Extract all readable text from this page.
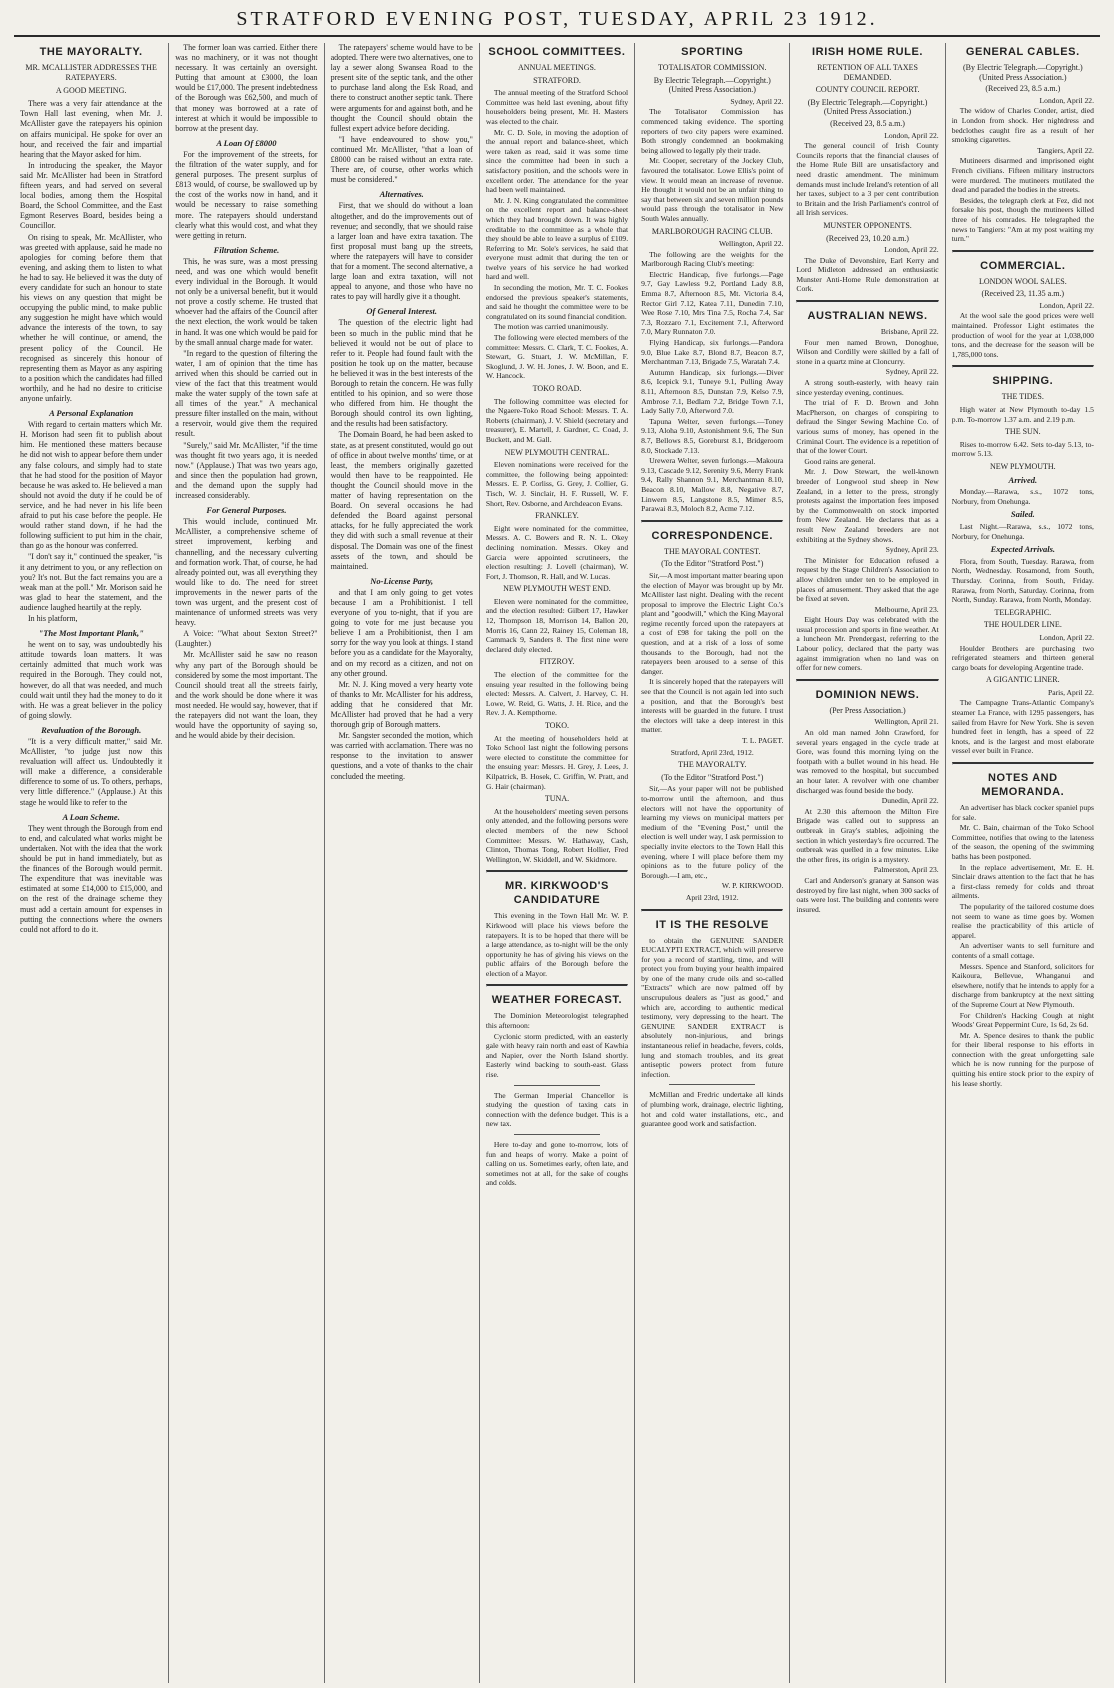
STRATFORD EVENING POST, TUESDAY, APRIL 23 1912.
THE MAYORALTY.
MR. MCALLISTER ADDRESSES THE RATEPAYERS.
A GOOD MEETING.

There was a very fair attendance at the Town Hall last evening, when Mr. J. McAllister gave the ratepayers his opinion on affairs municipal. He spoke for over an hour, and received the fair and impartial hearing that the Mayor asked for him.

In introducing the speaker, the Mayor said Mr. McAllister had been in Stratford fifteen years, and had served on several local bodies, among them the Hospital Board, the School Committee, and the East Egmont Reserves Board, besides being a Councillor.

On rising to speak, Mr. McAllister, who was greeted with applause, said he made no apologies for coming before them that evening, and asking them to listen to what he had to say. He believed it was the duty of every candidate for such an honour to state his views on any question that might be occupying the public mind, to make public any suggestion he might have which would advance the interests of the town, to say whether he will continue, or amend, the present policy of the Council. He recognised as sincerely this honour of representing them as Mayor as any aspiring to a position which the candidates had filled worthily, and he had no desire to criticise anyone unfairly.

A Personal Explanation

With regard to certain matters which Mr. H. Morison had seen fit to publish about him. He mentioned these matters because he did not wish to appear before them under any false colours, and simply had to state that he had stood for the position of Mayor because he was asked to. He believed a man should not avoid the duty if he could be of service, and he had never in his life been afraid to put his case before the people. He would rather stand down, if he had the following sufficient to put him in the chair, than go as the honour was conferred.

"I don't say it," continued the speaker, "is it any detriment to you, or any reflection on you? It's not. But the fact remains you are a weak man at the poll." Mr. Morison said he was glad to hear the statement, and the audience laughed heartily at the reply.

In his platform,

"The Most Important Plank,"

he went on to say, was undoubtedly his attitude towards loan matters. It was certainly admitted that much work was required in the Borough. They could not, however, do all that was needed, and much could wait until they had the money to do it with. He was a great believer in the policy of going slowly.

Revaluation of the Borough.

"It is a very difficult matter," said Mr. McAllister, "to judge just now this revaluation will affect us. Undoubtedly it will make a difference, a considerable difference to some of us. To others, perhaps, very little difference." (Applause.) At this stage he would like to refer to the

A Loan Scheme.

They went through the Borough from end to end, and calculated what works might be undertaken. Not with the idea that the work should be put in hand immediately, but as the finances of the Borough would permit. The expenditure that was inevitable was estimated at some £14,000 to £15,000, and on the rest of the drainage scheme they must add a certain amount for expenses in putting the connections where the owners could not afford to do it.

The former loan was carried. Either there was no machinery, or it was not thought necessary. It was certainly an oversight. Putting that amount at £3000, the loan would be £17,000. The present indebtedness of the Borough was £62,500, and much of that money was borrowed at a rate of interest at which it would be impossible to borrow at the present day.

A Loan Of £8000

For the improvement of the streets, for the filtration of the water supply, and for general purposes. The present surplus of £813 would, of course, be swallowed up by the cost of the works now in hand, and it would be necessary to raise something more. The ratepayers should understand clearly what this would cost, and what they were getting in return.

Filtration Scheme.

This, he was sure, was a most pressing need, and was one which would benefit every individual in the Borough. It would not only be a universal benefit, but it would not prove a costly scheme. He trusted that whoever had the affairs of the Council after the next election, the work would be taken in hand. It was one which would be paid for by the small annual charge made for water.

"In regard to the question of filtering the water, I am of opinion that the time has arrived when this should be carried out in view of the fact that this treatment would make the water supply of the town safe at all times of the year." A mechanical pressure filter installed on the main, without a reservoir, would give them the required result.

"Surely," said Mr. McAllister, "if the time was thought fit two years ago, it is needed now." (Applause.) That was two years ago, and since then the population had grown, and the demand upon the supply had increased considerably.

For General Purposes.

This would include, continued Mr. McAllister, a comprehensive scheme of street improvement, kerbing and channelling, and the necessary culverting and formation work. That, of course, he had already pointed out, was all everything they would like to do. The need for street improvements in the newer parts of the town was urgent, and the present cost of maintenance of unformed streets was very heavy.

A Voice: "What about Sexton Street?" (Laughter.)

Mr. McAllister said he saw no reason why any part of the Borough should be considered by some the most important. The Council should treat all the streets fairly, and the work should be done where it was most needed. He would say, however, that if the ratepayers did not want the loan, they would have the opportunity of saying so, and he would abide by their decision.

The ratepayers' scheme would have to be adopted. There were two alternatives, one to lay a sewer along Swansea Road to the present site of the septic tank, and the other to purchase land along the Esk Road, and there to construct another septic tank. There were arguments for and against both, and he thought the Council should obtain the fullest expert advice before deciding.

"I have endeavoured to show you," continued Mr. McAllister, "that a loan of £8000 can be raised without an extra rate. There are, of course, other works which must be considered."

Alternatives.

First, that we should do without a loan altogether, and do the improvements out of revenue; and secondly, that we should raise a larger loan and have extra taxation. The first proposal must bang up the streets, where the ratepayers will have to consider that for a moment. The second alternative, a large loan and extra taxation, will not appeal to anyone, and those who have no rates to pay will hardly give it a thought.

Of General Interest.

The question of the electric light had been so much in the public mind that he believed it would not be out of place to refer to it. People had found fault with the position he took up on the matter, because he believed it was in the best interests of the Borough to retain the concern. He was fully entitled to his opinion, and so were those who differed from him. He thought the Borough should control its own lighting, and the results had been satisfactory.

The Domain Board, he had been asked to state, as at present constituted, would go out of office in about twelve months' time, or at least, the members originally gazetted would then have to be reappointed. He thought the Council should move in the matter of having representation on the Board. On several occasions he had defended the Board against personal attacks, for he fully appreciated the work they did with such a small revenue at their disposal. The Domain was one of the finest assets of the town, and should be maintained.

No-License Party,

and that I am only going to get votes because I am a Prohibitionist. I tell everyone of you to-night, that if you are going to vote for me just because you believe I am a Prohibitionist, then I am sorry for the way you look at things. I stand before you as a candidate for the Mayoralty, and on my record as a citizen, and not on any other ground.

Mr. N. J. King moved a very hearty vote of thanks to Mr. McAllister for his address, adding that he considered that Mr. McAllister had proved that he had a very thorough grip of Borough matters.

Mr. Sangster seconded the motion, which was carried with acclamation. There was no response to the invitation to answer questions, and a vote of thanks to the chair concluded the meeting.

SCHOOL COMMITTEES.
ANNUAL MEETINGS.
STRATFORD.

The annual meeting of the Stratford School Committee was held last evening, about fifty householders being present, Mr. H. Masters was elected to the chair.

Mr. C. D. Sole, in moving the adoption of the annual report and balance-sheet, which were taken as read, said it was some time since the committee had been in such a satisfactory position, and the schools were in excellent order. The attendance for the year had been well maintained.

Mr. J. N. King congratulated the committee on the excellent report and balance-sheet which they had brought down. It was highly creditable to the committee as a whole that they should be able to leave a surplus of £109. Referring to Mr. Sole's services, he said that everyone must admit that during the ten or twelve years of his service he had worked hard and well.

In seconding the motion, Mr. T. C. Fookes endorsed the previous speaker's statements, and said he thought the committee were to be congratulated on its sound financial condition.

The motion was carried unanimously.

The following were elected members of the committee: Messrs. C. Clark, T. C. Fookes, A. Stewart, G. Stuart, J. W. McMillan, F. Skoglund, J. W. H. Jones, J. W. Boon, and E. W. Hancock.

TOKO ROAD.

The following committee was elected for the Ngaere-Toko Road School: Messrs. T. A. Roberts (chairman), J. V. Shield (secretary and treasurer), E. Martell, J. Gardner, C. Coad, J. Buckett, and M. Gall.

NEW PLYMOUTH CENTRAL.

Eleven nominations were received for the committee, the following being appointed: Messrs. E. P. Corliss, G. Grey, J. Collier, G. Tisch, W. J. Sinclair, H. F. Russell, W. F. Short, Rev. Osborne, and Archdeacon Evans.

FRANKLEY.

Eight were nominated for the committee, Messrs. A. C. Bowers and R. N. L. Okey declining nomination. Messrs. Okey and Garcia were appointed scrutineers, the election resulting: J. Lovell (chairman), W. Fort, J. Thomson, R. Hall, and W. Lucas.

NEW PLYMOUTH WEST END.

Eleven were nominated for the committee, and the election resulted: Gilbert 17, Hawker 12, Thompson 18, Morrison 14, Ballon 20, Morris 16, Cann 22, Rainey 15, Coleman 18, Cammack 9, Sanders 8. The first nine were declared duly elected.

FITZROY.

The election of the committee for the ensuing year resulted in the following being elected: Messrs. A. Calvert, J. Harvey, C. H. Lowe, W. Reid, G. Watts, J. H. Rice, and the Rev. J. A. Kempthorne.

TOKO.

At the meeting of householders held at Toko School last night the following persons were elected to constitute the committee for the ensuing year: Messrs. H. Grey, J. Lees, J. Kilpatrick, B. Hosek, C. Griffin, W. Pratt, and G. Hair (chairman).

TUNA.

At the householders' meeting seven persons only attended, and the following persons were elected members of the new School Committee: Messrs. W. Hathaway, Cash, Clinton, Thomas Tong, Robert Hollier, Fred Wellington, W. Skiddell, and W. Skidmore.

MR. KIRKWOOD'S CANDIDATURE

This evening in the Town Hall Mr. W. P. Kirkwood will place his views before the ratepayers. It is to be hoped that there will be a large attendance, as to-night will be the only opportunity he has of giving his views on the public affairs of the Borough before the election of a Mayor.

WEATHER FORECAST.

The Dominion Meteorologist telegraphed this afternoon:

Cyclonic storm predicted, with an easterly gale with heavy rain north and east of Kawhia and Napier, over the North Island shortly. Easterly wind backing to south-east. Glass rise.

The German Imperial Chancellor is studying the question of taxing cats in connection with the defence budget. This is a new tax.

Here to-day and gone to-morrow, lots of fun and heaps of worry. Make a point of calling on us. Sometimes early, often late, and sometimes not at all, for the sake of coughs and colds.

SPORTING
TOTALISATOR COMMISSION.
By Electric Telegraph.—Copyright.) (United Press Association.)
Sydney, April 22.

The Totalisator Commission has commenced taking evidence. The sporting reporters of two city papers were examined. Both strongly condemned an bookmaking being allowed to legally ply their trade.

Mr. Cooper, secretary of the Jockey Club, favoured the totalisator. Lowe Ellis's point of view. It would mean an increase of revenue. He thought it would not be an unfair thing to say that between six and seven million pounds would pass through the totalisator in New South Wales annually.

MARLBOROUGH RACING CLUB.
Wellington, April 22.

The following are the weights for the Marlborough Racing Club's meeting:

Electric Handicap, five furlongs.—Page 9.7, Gay Lawless 9.2, Portland Lady 8.8, Emma 8.7, Afternoon 8.5, Mt. Victoria 8.4, Rector Girl 7.12, Katea 7.11, Dunedin 7.10, Wee Rose 7.10, Mrs Tina 7.5, Rocha 7.4, Sar 7.3, Rozzaro 7.1, Excitement 7.1, Afterword 7.0, Mary Runnaton 7.0.

Flying Handicap, six furlongs.—Pandora 9.0, Blue Lake 8.7, Blond 8.7, Beacon 8.7, Merchantman 7.13, Brigade 7.5, Waratah 7.4.

Autumn Handicap, six furlongs.—Diver 8.6, Icepick 9.1, Tuneye 9.1, Pulling Away 8.11, Afternoon 8.5, Dunstan 7.9, Kelso 7.9, Ambrose 7.1, Bedlam 7.2, Bridge Town 7.1, Lady Sally 7.0, Afterword 7.0.

Tapuna Welter, seven furlongs.—Toney 9.13, Aloha 9.10, Astonishment 9.6, The Sun 8.7, Bellows 8.5, Goreburst 8.1, Bridgeroom 8.0, Stockade 7.13.

Urewera Welter, seven furlongs.—Makoura 9.13, Cascade 9.12, Serenity 9.6, Merry Frank 9.4, Rally Shannon 9.1, Merchantman 8.10, Beacon 8.10, Mallow 8.8, Negative 8.7, Linwern 8.5, Langstone 8.5, Mimer 8.5, Parawai 8.3, Moloch 8.2, Acme 7.12.

CORRESPONDENCE.
THE MAYORAL CONTEST.
(To the Editor "Stratford Post.")

Sir,—A most important matter bearing upon the election of Mayor was brought up by Mr. McAllister last night. Dealing with the recent proposal to improve the Electric Light Co.'s plant and "goodwill," which the King Mayoral regime recently forced upon the ratepayers at a cost of £98 for taking the poll on the question, and at a risk of a loss of some thousands to the Borough, had not the ratepayers been aroused to a sense of this danger.

It is sincerely hoped that the ratepayers will see that the Council is not again led into such a position, and that the Borough's best interests will be guarded in the future. I trust the electors will take a deep interest in this matter.

T. L. PAGET.
Stratford, April 23rd, 1912.
THE MAYORALTY.
(To the Editor "Stratford Post.")

Sir,—As your paper will not be published to-morrow until the afternoon, and thus electors will not have the opportunity of learning my views on municipal matters per medium of the "Evening Post," until the election is well under way, I ask permission to specially invite electors to the Town Hall this evening, where I will place before them my opinions as to the future policy of the Borough.—I am, etc.,

W. P. KIRKWOOD.
April 23rd, 1912.
IT IS THE RESOLVE

to obtain the GENUINE SANDER EUCALYPTI EXTRACT, which will preserve for you a record of startling, time, and will protect you from buying your health impaired by one of the many crude oils and so-called "Extracts" which are now palmed off by unscrupulous dealers as "just as good," and which are, according to authentic medical testimony, very depressing to the heart. The GENUINE SANDER EXTRACT is absolutely non-injurious, and brings instantaneous relief in headache, fevers, colds, lung and stomach troubles, and its great antiseptic powers protect from future infection.

McMillan and Fredric undertake all kinds of plumbing work, drainage, electric lighting, hot and cold water installations, etc., and guarantee good work and satisfaction.

IRISH HOME RULE.
RETENTION OF ALL TAXES DEMANDED.
COUNTY COUNCIL REPORT.
(By Electric Telegraph.—Copyright.) (United Press Association.)
(Received 23, 8.5 a.m.)
London, April 22.

The general council of Irish County Councils reports that the financial clauses of the Home Rule Bill are unsatisfactory and need drastic amendment. The minimum demands must include Ireland's retention of all her taxes, subject to a 3 per cent contribution to Britain and the Irish Parliament's control of all Irish services.

MUNSTER OPPONENTS.
(Received 23, 10.20 a.m.)
London, April 22.

The Duke of Devonshire, Earl Kerry and Lord Midleton addressed an enthusiastic Munster Anti-Home Rule demonstration at Cork.

AUSTRALIAN NEWS.
Brisbane, April 22.

Four men named Brown, Donoghue, Wilson and Cordilly were skilled by a fall of stone in a quartz mine at Cloncurry.

Sydney, April 22.

A strong south-easterly, with heavy rain since yesterday evening, continues.

The trial of F. D. Brown and John MacPherson, on charges of conspiring to defraud the Singer Sewing Machine Co. of various sums of money, has opened in the Criminal Court. The evidence is a repetition of that of the lower Court.

Good rains are general.

Mr. J. Dow Stewart, the well-known breeder of Longwool stud sheep in New Zealand, in a letter to the press, strongly protests against the importation fees imposed by the Commonwealth on stock imported from New Zealand. He declares that as a result New Zealand breeders are not exhibiting at the Sydney shows.

Sydney, April 23.

The Minister for Education refused a request by the Stage Children's Association to allow children under ten to be employed in places of amusement. They asked that the age be fixed at seven.

Melbourne, April 23.

Eight Hours Day was celebrated with the usual procession and sports in fine weather. At a luncheon Mr. Prendergast, referring to the Labour policy, declared that the party was against immigration when no land was on offer for new comers.

DOMINION NEWS.
(Per Press Association.)
Wellington, April 21.

An old man named John Crawford, for several years engaged in the cycle trade at Gore, was found this morning lying on the footpath with a bullet wound in his head. He was removed to the hospital, but succumbed an hour later. A revolver with one chamber discharged was found beside the body.

Dunedin, April 22.

At 2.30 this afternoon the Milton Fire Brigade was called out to suppress an outbreak in Gray's stables, adjoining the section in which yesterday's fire occurred. The outbreak was quelled in a few minutes. Like the other fires, its origin is a mystery.

Palmerston, April 23.

Carl and Anderson's granary at Sanson was destroyed by fire last night, when 300 sacks of oats were lost. The building and contents were insured.

GENERAL CABLES.
(By Electric Telegraph.—Copyright.) (United Press Association.)
(Received 23, 8.5 a.m.)
London, April 22.

The widow of Charles Conder, artist, died in London from shock. Her nightdress and bedclothes caught fire as a result of her smoking cigarettes.

Tangiers, April 22.

Mutineers disarmed and imprisoned eight French civilians. Fifteen military instructors were murdered. The mutineers mutilated the dead and paraded the bodies in the streets.

Besides, the telegraph clerk at Fez, did not forsake his post, though the mutineers killed three of his comrades. He telegraphed the news to Tangiers: "Am at my post waiting my turn."

COMMERCIAL.
LONDON WOOL SALES.
(Received 23, 11.35 a.m.)
London, April 22.

At the wool sale the good prices were well maintained. Professor Light estimates the production of wool for the year at 1,038,000 tons, and the decrease for the season will be 1,785,000 tons.

SHIPPING.
THE TIDES.

High water at New Plymouth to-day 1.5 p.m. To-morrow 1.37 a.m. and 2.19 p.m.

THE SUN.

Rises to-morrow 6.42. Sets to-day 5.13, to-morrow 5.13.

NEW PLYMOUTH.
Arrived.

Monday.—Rarawa, s.s., 1072 tons, Norbury, from Onehunga.

Sailed.

Last Night.—Rarawa, s.s., 1072 tons, Norbury, for Onehunga.

Expected Arrivals.

Flora, from South, Tuesday. Rarawa, from North, Wednesday. Rosamond, from South, Thursday. Corinna, from South, Friday. Rarawa, from North, Saturday. Corinna, from North, Sunday. Rarawa, from North, Monday.

TELEGRAPHIC.
THE HOULDER LINE.
London, April 22.

Houlder Brothers are purchasing two refrigerated steamers and thirteen general cargo boats for developing Argentine trade.

A GIGANTIC LINER.
Paris, April 22.

The Campagne Trans-Atlantic Company's steamer La France, with 1295 passengers, has sailed from Havre for New York. She is seven hundred feet in length, has a speed of 22 knots, and is the largest and most elaborate vessel ever built in France.

NOTES AND MEMORANDA.

An advertiser has black cocker spaniel pups for sale.

Mr. C. Bain, chairman of the Toko School Committee, notifies that owing to the lateness of the season, the opening of the swimming baths has been postponed.

In the replace advertisement, Mr. E. H. Sinclair draws attention to the fact that he has a first-class remedy for colds and throat ailments.

The popularity of the tailored costume does not seem to wane as time goes by. Women realise the practicability of this article of apparel.

An advertiser wants to sell furniture and contents of a small cottage.

Messrs. Spence and Stanford, solicitors for Kaikoura, Bellevue, Whanganui and elsewhere, notify that he intends to apply for a discharge from bankruptcy at the next sitting of the Supreme Court at New Plymouth.

For Children's Hacking Cough at night Woods' Great Peppermint Cure, 1s 6d, 2s 6d.

Mr. A. Spence desires to thank the public for their liberal response to his efforts in connection with the great unforgetting sale which he is now running for the purpose of quitting his entire stock prior to the expiry of his lease shortly.
